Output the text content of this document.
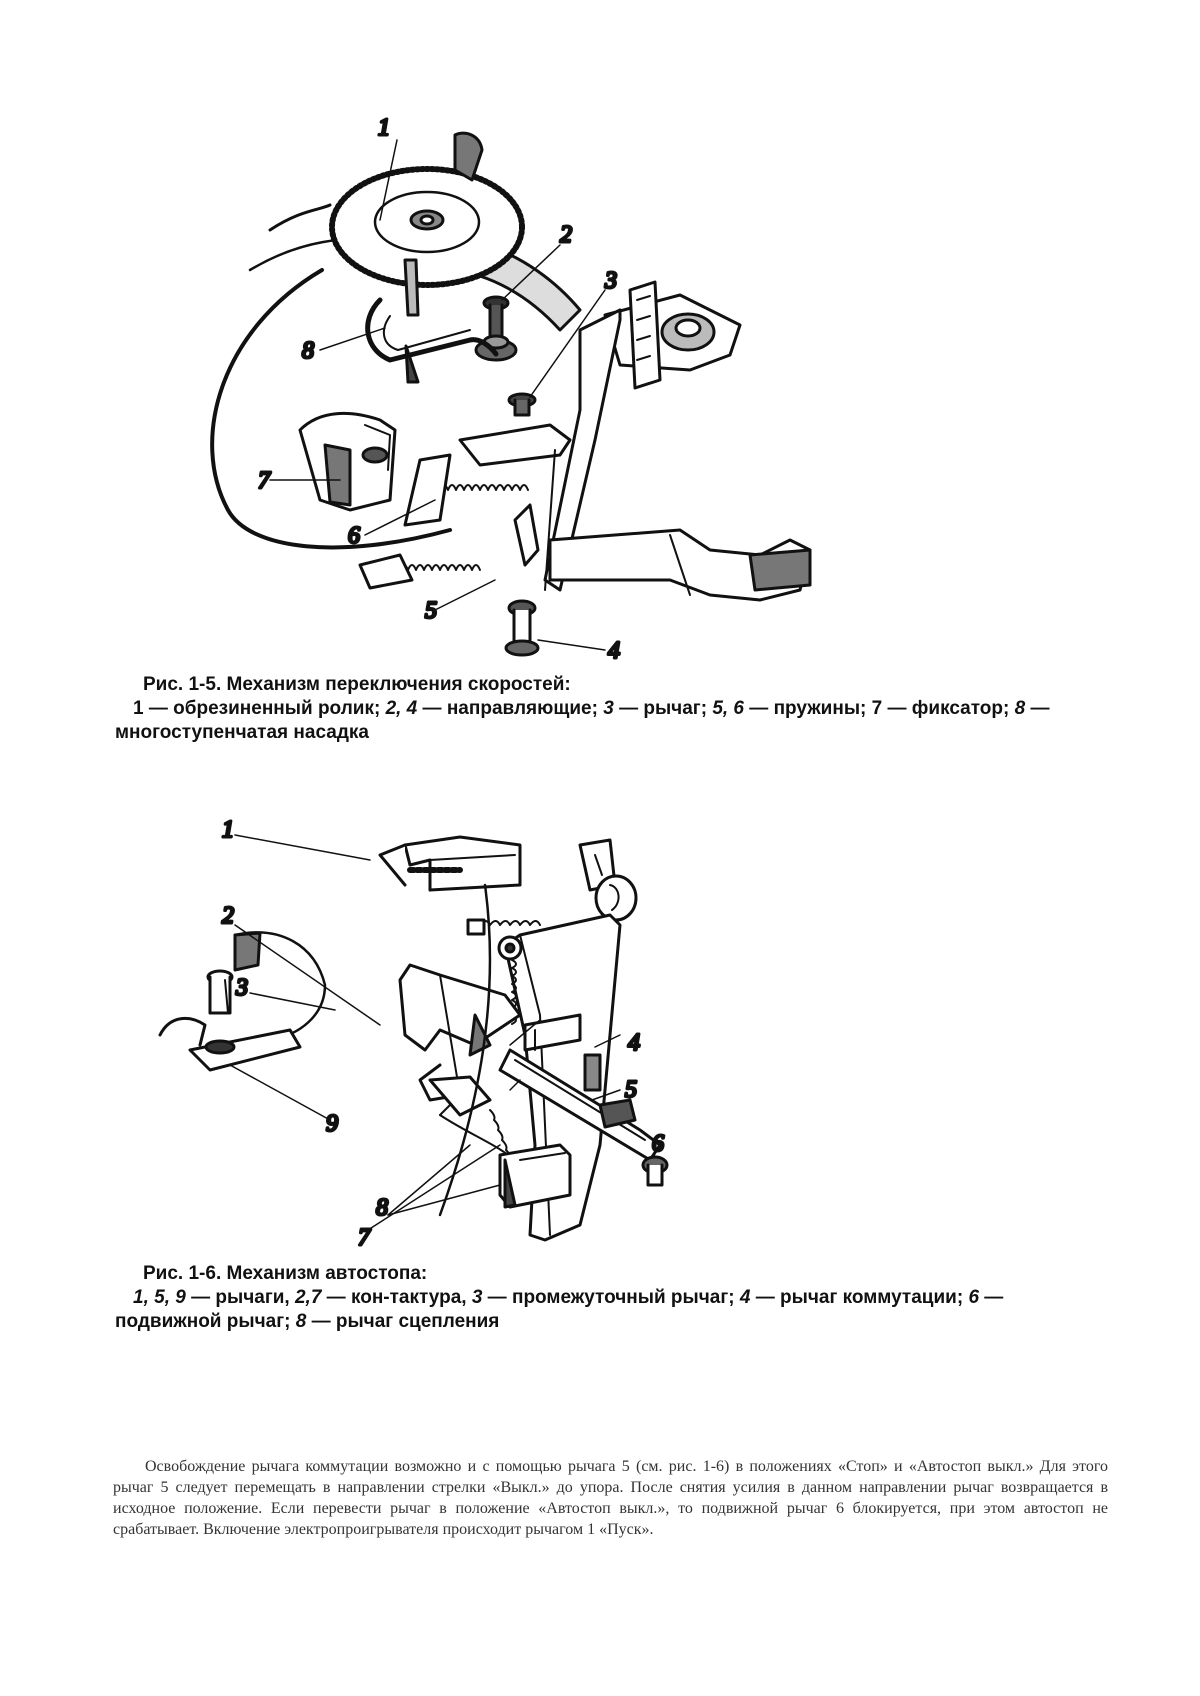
1
2
3
4
5
6
7
8
Рис. 1-5. Механизм переключения скоростей:
1 — обрезиненный ролик; 2, 4 — направляющие; 3 — рычаг; 5, 6 — пружины; 7 — фиксатор; 8 — многоступенчатая насадка
1
2
3
4
5
6
7
8
9
Рис. 1-6. Механизм автостопа:
1, 5, 9 — рычаги, 2,7 — кон-тактура, 3 — промежуточный рычаг; 4 — рычаг коммутации; 6 — подвижной рычаг; 8 — рычаг сцепления

Освобождение рычага коммутации возможно и с помощью рычага 5 (см. рис. 1-6) в положениях «Стоп» и «Автостоп выкл.» Для этого рычаг 5 следует перемещать в направлении стрелки «Выкл.» до упора. После снятия усилия в данном направлении рычаг возвращается в исходное положение. Если перевести рычаг в положение «Автостоп выкл.», то подвижной рычаг 6 блокируется, при этом автостоп не срабатывает. Включение электропроигрывателя происходит рычагом 1 «Пуск».
